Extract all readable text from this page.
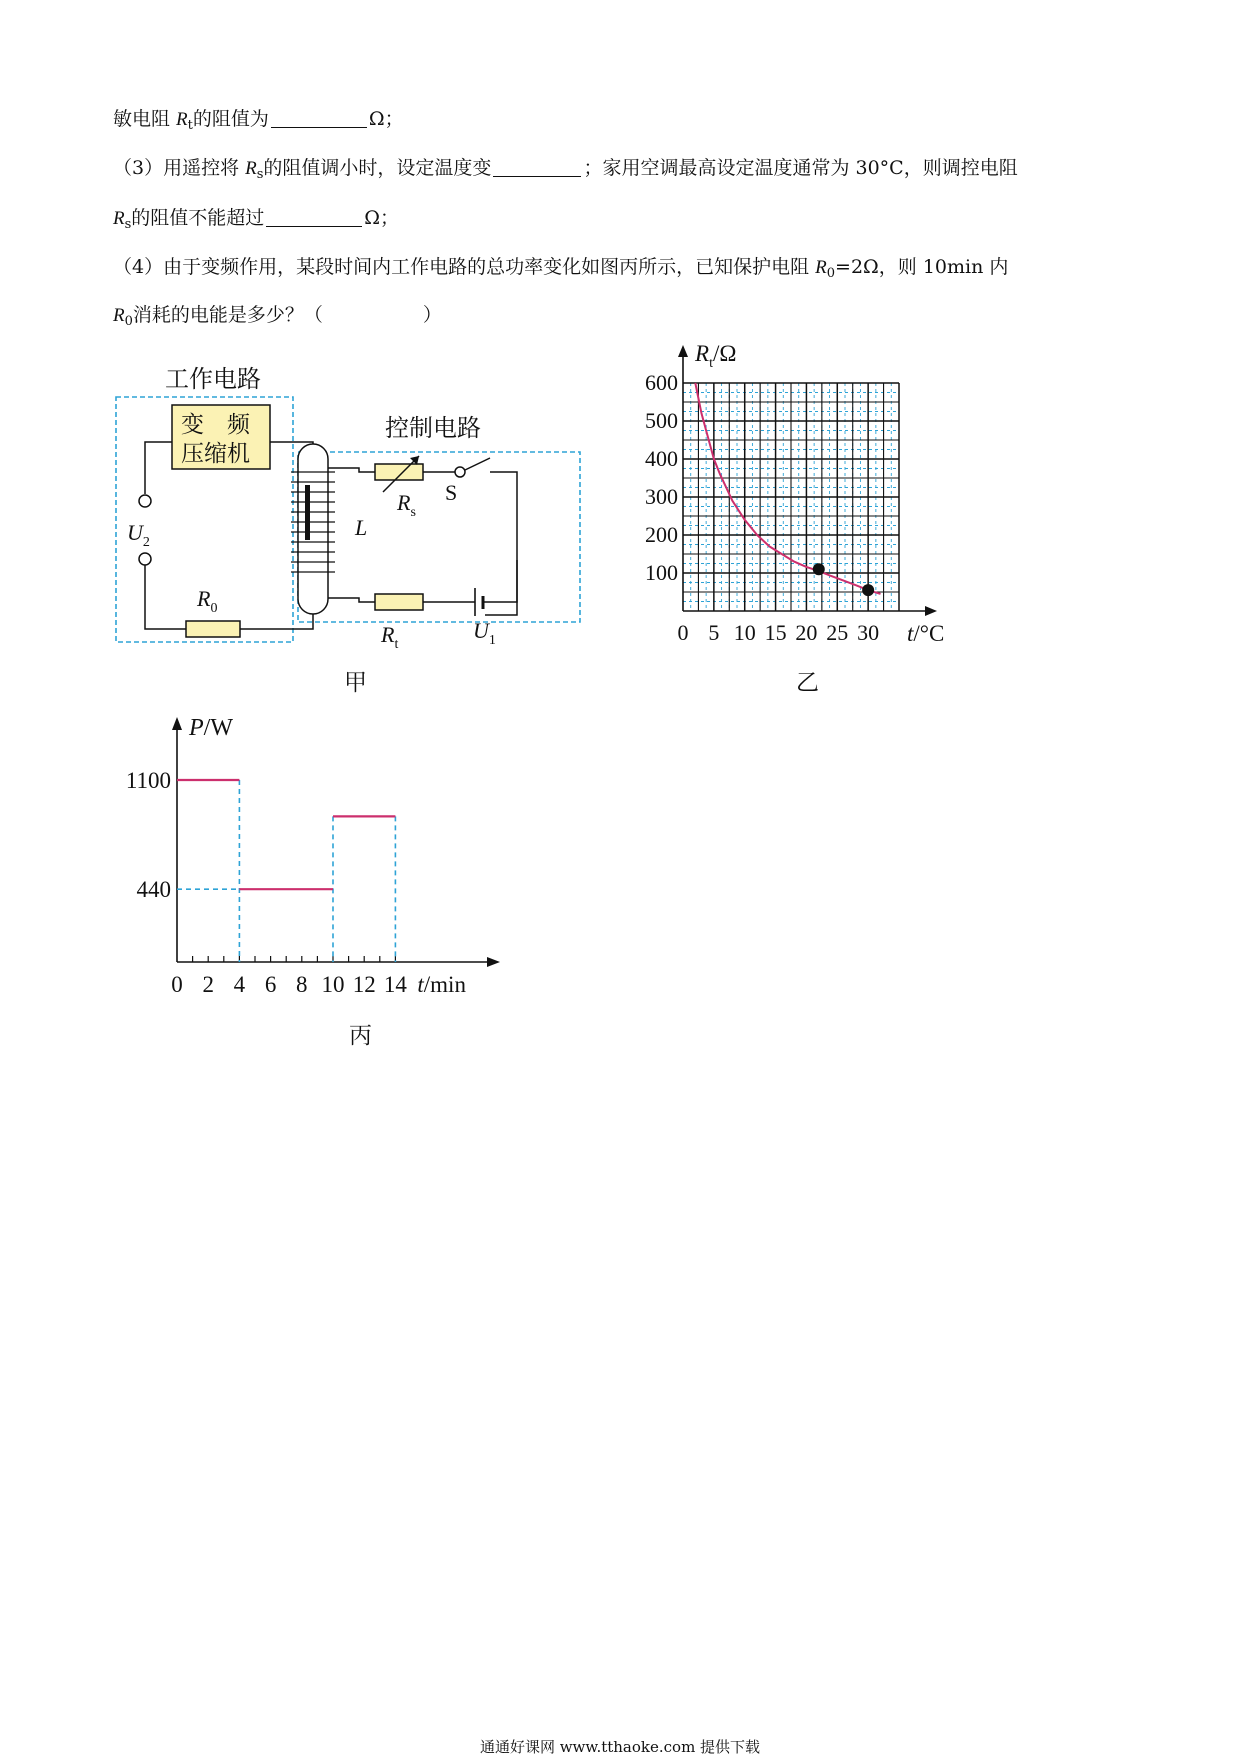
敏电阻 $R_t$的阻值为	Ω；
（3）用遥控将 $R_s$的阻值调小时，设定温度变	；家用空调最高设定温度通常为 30°C，则调控电阻
$R_s$的阻值不能超过	Ω；
（4）由于变频作用，某段时间内工作电路的总功率变化如图丙所示，已知保护电阻 $R_0=2\Omega$，则 10min 内
$R_0$消耗的电能是多少？（	）
工作电路
控制电路
变　频
压缩机
$U_2$
$R_0$
L
$R_s$
S
$R_t$
$U_1$
甲
0 5 10 15 20 25 30
100
200
300
400
500
600
$R_t/\Omega$
t/°C
乙
0 2 4 6 8 10 12 14
440
1100
P/W
t/min
丙
通通好课网 www.tthaoke.com 提供下载
